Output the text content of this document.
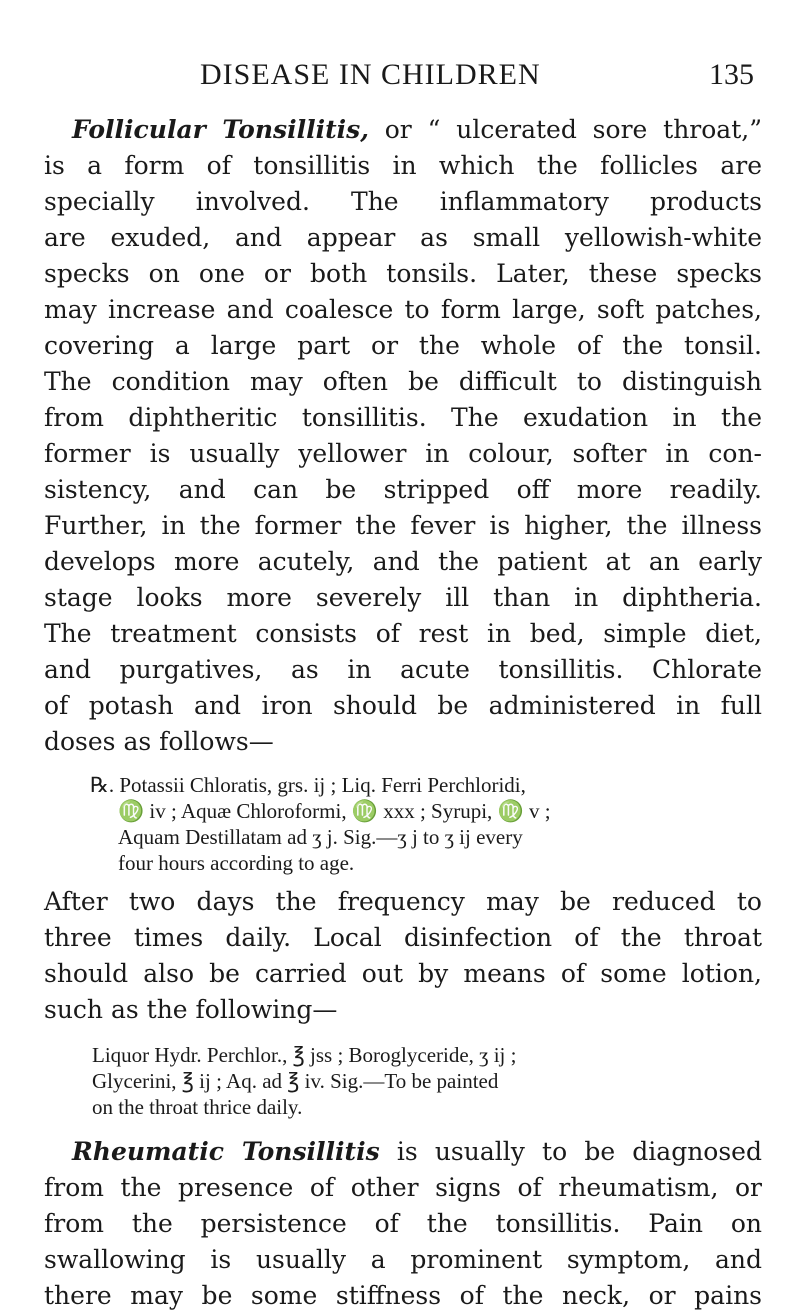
DISEASE IN CHILDREN	135
Follicular Tonsillitis, or “ ulcerated sore throat,”
is a form of tonsillitis in which the follicles are
specially involved. The inflammatory products
are exuded, and appear as small yellowish-white
specks on one or both tonsils. Later, these specks
may increase and coalesce to form large, soft patches,
covering a large part or the whole of the tonsil.
The condition may often be difficult to distinguish
from diphtheritic tonsillitis. The exudation in the
former is usually yellower in colour, softer in con-
sistency, and can be stripped off more readily.
Further, in the former the fever is higher, the illness
develops more acutely, and the patient at an early
stage looks more severely ill than in diphtheria.
The treatment consists of rest in bed, simple diet,
and purgatives, as in acute tonsillitis. Chlorate
of potash and iron should be administered in full
doses as follows—
℞. Potassii Chloratis, grs. ij ; Liq. Ferri Perchloridi,
♍ iv ; Aquæ Chloroformi, ♍ xxx ; Syrupi, ♍ v ;
Aquam Destillatam ad ʒ j. Sig.—ʒ j to ʒ ij every
four hours according to age.
After two days the frequency may be reduced to
three times daily. Local disinfection of the throat
should also be carried out by means of some lotion,
such as the following—
Liquor Hydr. Perchlor., ℥ jss ; Boroglyceride, ʒ ij ;
Glycerini, ℥ ij ; Aq. ad ℥ iv. Sig.—To be painted
on the throat thrice daily.
Rheumatic Tonsillitis is usually to be diagnosed
from the presence of other signs of rheumatism, or
from the persistence of the tonsillitis. Pain on
swallowing is usually a prominent symptom, and
there may be some stiffness of the neck, or pains
